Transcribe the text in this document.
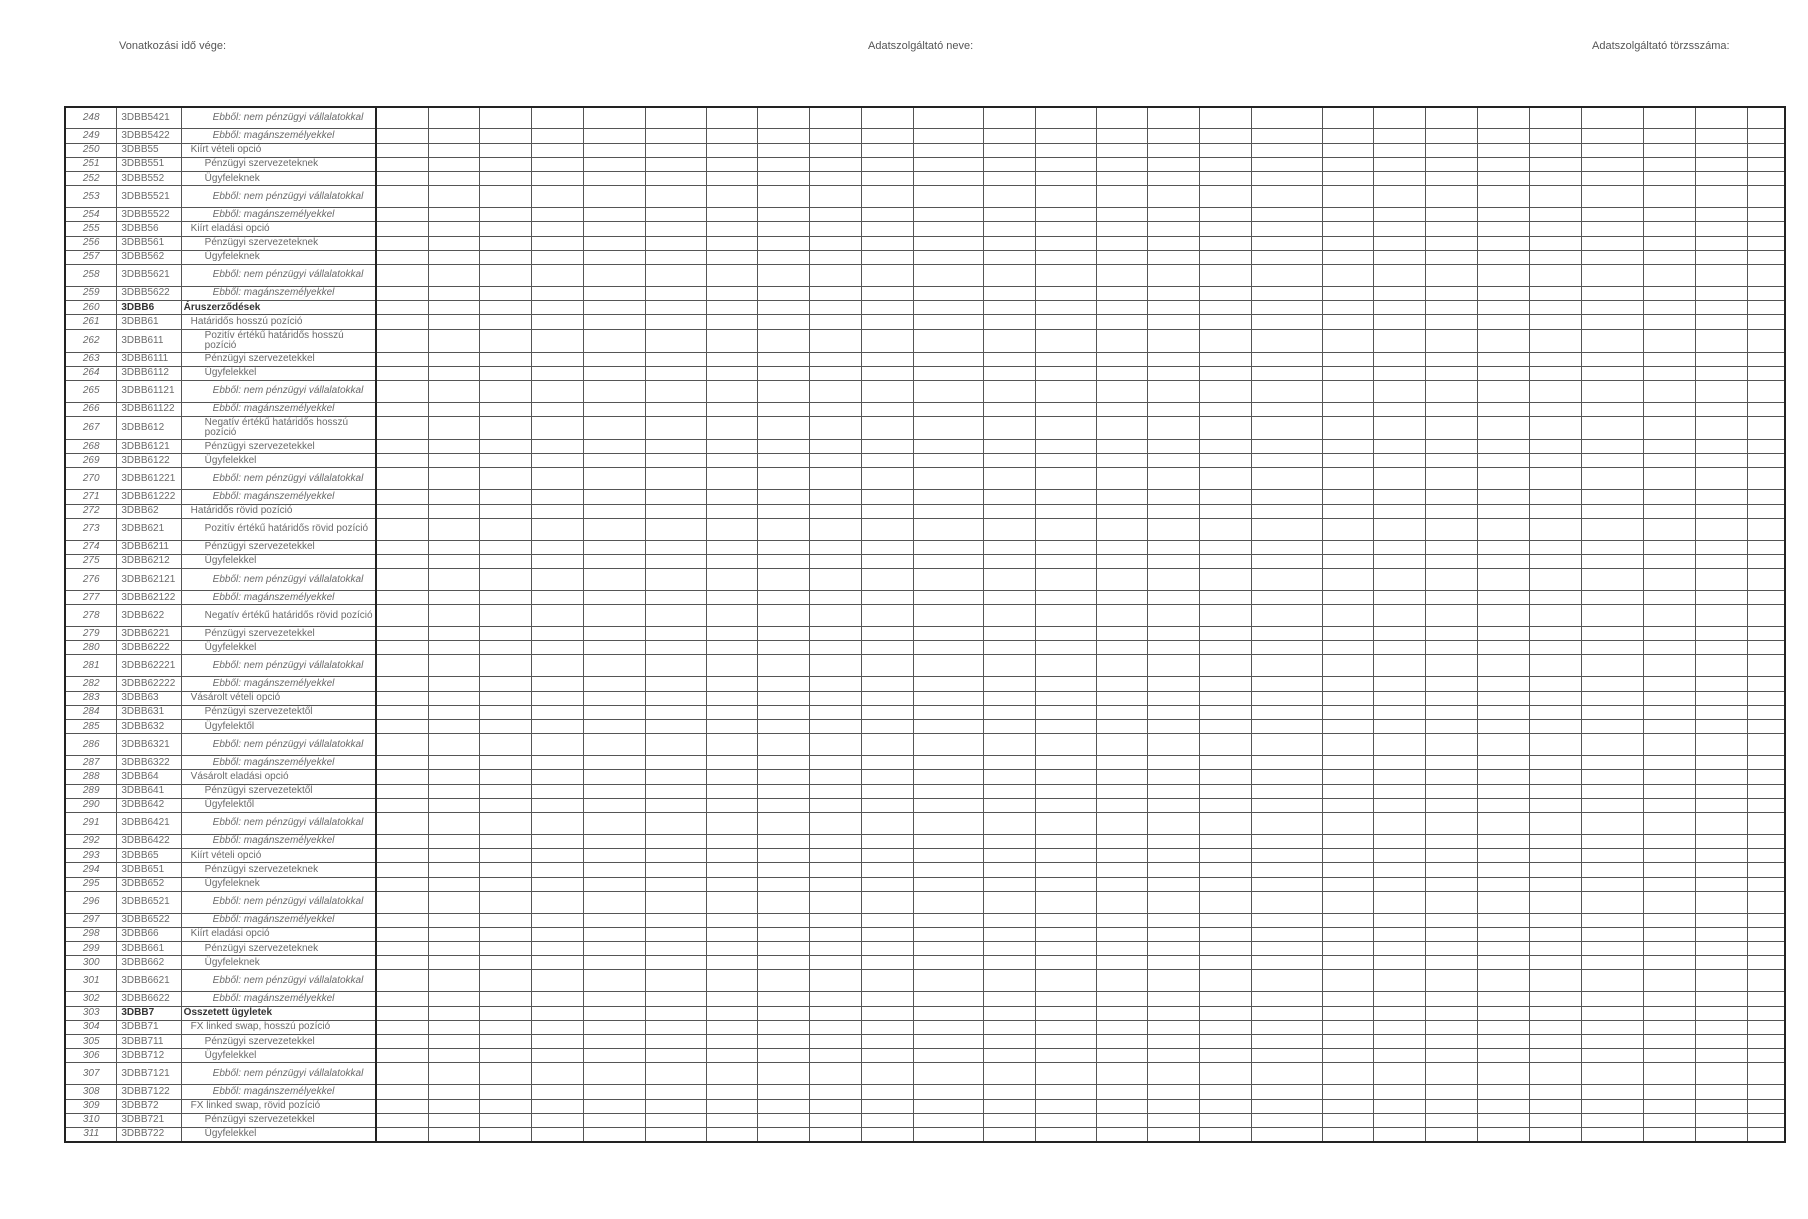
Vonatkozási idő vége:	Adatszolgáltató neve:	Adatszolgáltató törzsszáma:
248	3DBB5421	Ebből: nem pénzügyi vállalatokkal																										
249	3DBB5422	Ebből: magánszemélyekkel																										
250	3DBB55	Kiírt vételi opció																										
251	3DBB551	Pénzügyi szervezeteknek																										
252	3DBB552	Ügyfeleknek																										
253	3DBB5521	Ebből: nem pénzügyi vállalatokkal																										
254	3DBB5522	Ebből: magánszemélyekkel																										
255	3DBB56	Kiírt eladási opció																										
256	3DBB561	Pénzügyi szervezeteknek																										
257	3DBB562	Ügyfeleknek																										
258	3DBB5621	Ebből: nem pénzügyi vállalatokkal																										
259	3DBB5622	Ebből: magánszemélyekkel																										
260	3DBB6	Áruszerződések																										
261	3DBB61	Határidős hosszú pozíció																										
262	3DBB611	Pozitív értékű határidős hosszú pozíció																										
263	3DBB6111	Pénzügyi szervezetekkel																										
264	3DBB6112	Ügyfelekkel																										
265	3DBB61121	Ebből: nem pénzügyi vállalatokkal																										
266	3DBB61122	Ebből: magánszemélyekkel																										
267	3DBB612	Negatív értékű határidős hosszú pozíció																										
268	3DBB6121	Pénzügyi szervezetekkel																										
269	3DBB6122	Ügyfelekkel																										
270	3DBB61221	Ebből: nem pénzügyi vállalatokkal																										
271	3DBB61222	Ebből: magánszemélyekkel																										
272	3DBB62	Határidős rövid pozíció																										
273	3DBB621	Pozitív értékű határidős rövid pozíció																										
274	3DBB6211	Pénzügyi szervezetekkel																										
275	3DBB6212	Ügyfelekkel																										
276	3DBB62121	Ebből: nem pénzügyi vállalatokkal																										
277	3DBB62122	Ebből: magánszemélyekkel																										
278	3DBB622	Negatív értékű határidős rövid pozíció																										
279	3DBB6221	Pénzügyi szervezetekkel																										
280	3DBB6222	Ügyfelekkel																										
281	3DBB62221	Ebből: nem pénzügyi vállalatokkal																										
282	3DBB62222	Ebből: magánszemélyekkel																										
283	3DBB63	Vásárolt vételi opció																										
284	3DBB631	Pénzügyi szervezetektől																										
285	3DBB632	Ügyfelektől																										
286	3DBB6321	Ebből: nem pénzügyi vállalatokkal																										
287	3DBB6322	Ebből: magánszemélyekkel																										
288	3DBB64	Vásárolt eladási opció																										
289	3DBB641	Pénzügyi szervezetektől																										
290	3DBB642	Ügyfelektől																										
291	3DBB6421	Ebből: nem pénzügyi vállalatokkal																										
292	3DBB6422	Ebből: magánszemélyekkel																										
293	3DBB65	Kiírt vételi opció																										
294	3DBB651	Pénzügyi szervezeteknek																										
295	3DBB652	Ügyfeleknek																										
296	3DBB6521	Ebből: nem pénzügyi vállalatokkal																										
297	3DBB6522	Ebből: magánszemélyekkel																										
298	3DBB66	Kiírt eladási opció																										
299	3DBB661	Pénzügyi szervezeteknek																										
300	3DBB662	Ügyfeleknek																										
301	3DBB6621	Ebből: nem pénzügyi vállalatokkal																										
302	3DBB6622	Ebből: magánszemélyekkel																										
303	3DBB7	Összetett ügyletek																										
304	3DBB71	FX linked swap, hosszú pozíció																										
305	3DBB711	Pénzügyi szervezetekkel																										
306	3DBB712	Ügyfelekkel																										
307	3DBB7121	Ebből: nem pénzügyi vállalatokkal																										
308	3DBB7122	Ebből: magánszemélyekkel																										
309	3DBB72	FX linked swap, rövid pozíció																										
310	3DBB721	Pénzügyi szervezetekkel																										
311	3DBB722	Ügyfelekkel																										
